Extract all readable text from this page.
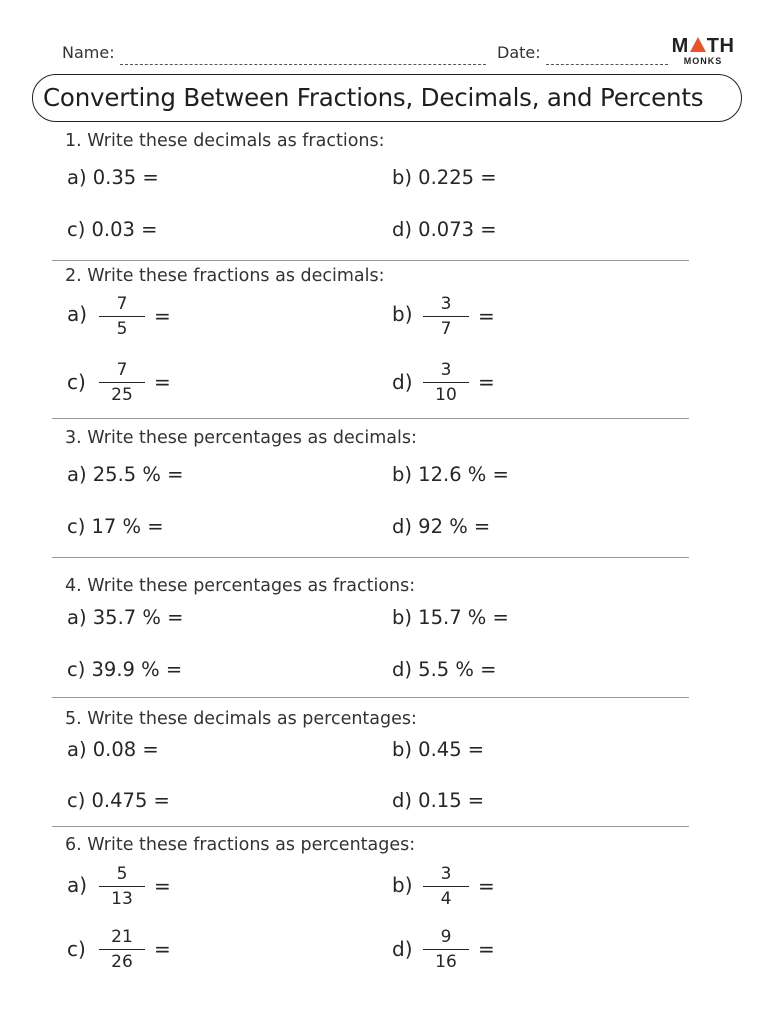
Name:	Date:	M TH
MONKS
Converting Between Fractions, Decimals, and Percents
1. Write these decimals as fractions:
a) 0.35 =	b) 0.225 =
c) 0.03 =	d) 0.073 =
2. Write these fractions as decimals:
a)	7
5
=	b)	3
7
=
c)	7
25
=	d)	3
10
=
3. Write these percentages as decimals:
a) 25.5 % =	b) 12.6 % =
c) 17 % =	d) 92 % =
4. Write these percentages as fractions:
a) 35.7 % =	b) 15.7 % =
c) 39.9 % =	d) 5.5 % =
5. Write these decimals as percentages:
a) 0.08 =	b) 0.45 =
c) 0.475 =	d) 0.15 =
6. Write these fractions as percentages:
a)	5
13
=	b)	3
4
=
c)	21
26
=	d)	9
16
=
